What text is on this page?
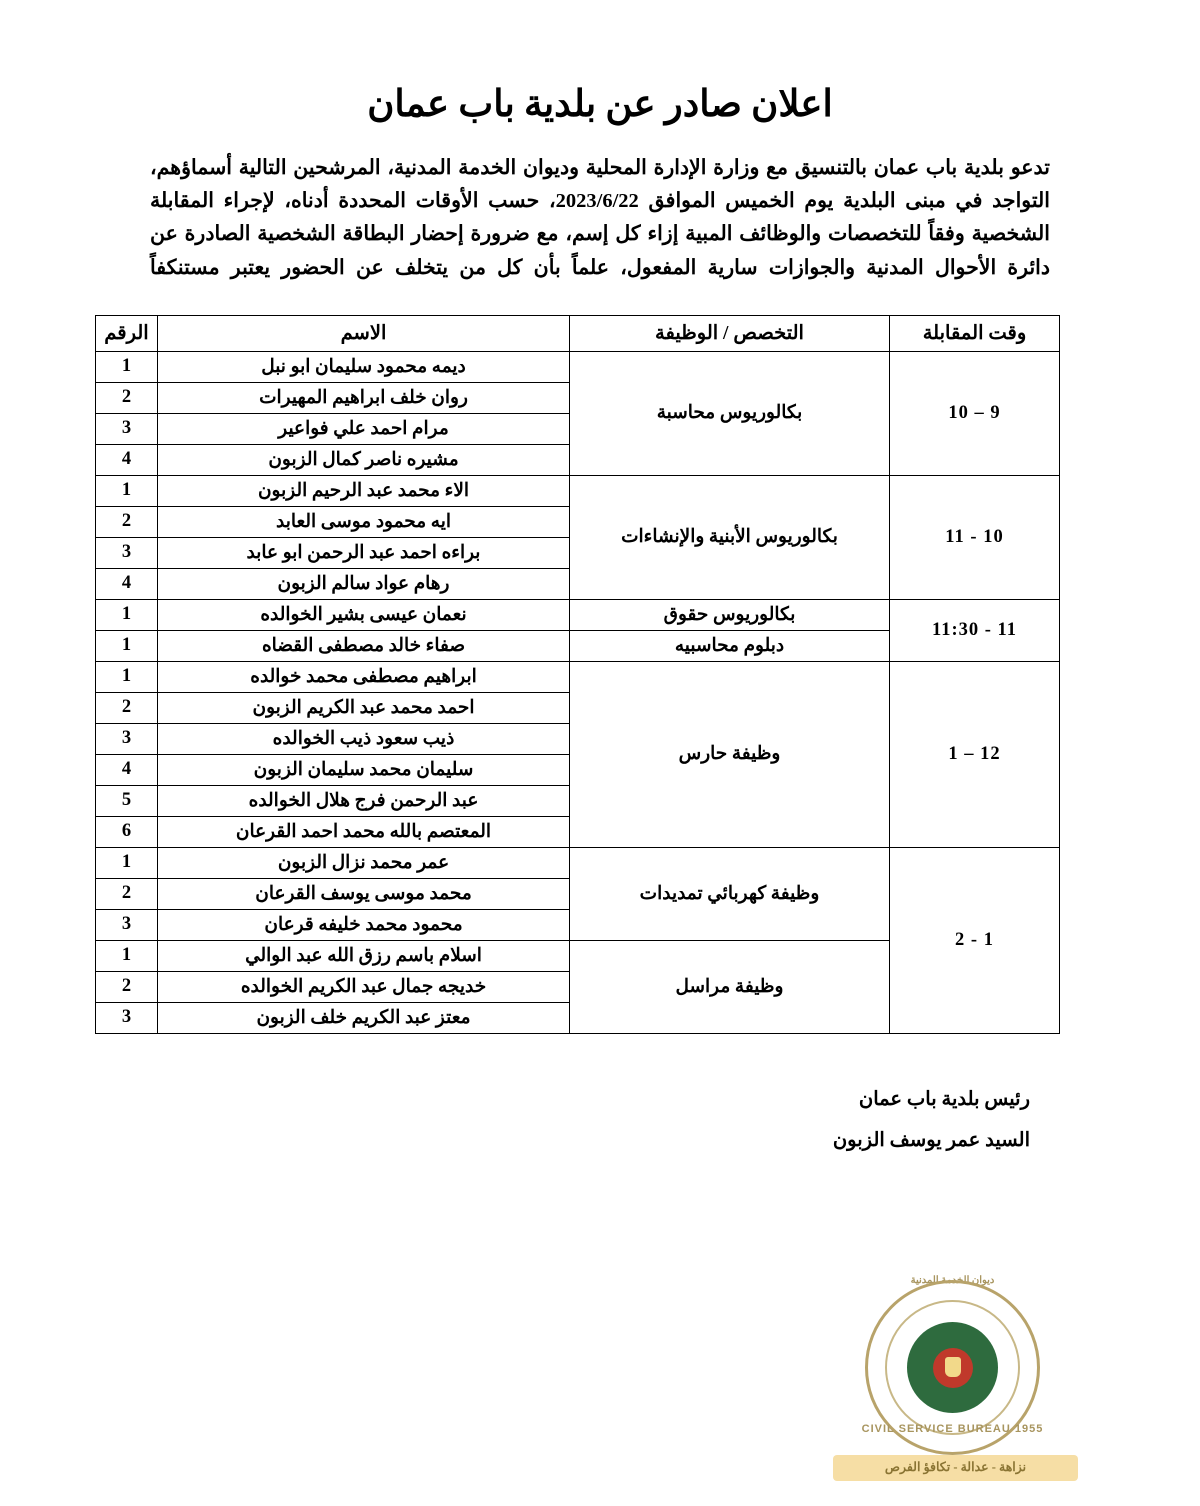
اعلان صادر عن بلدية باب عمان
تدعو بلدية باب عمان بالتنسيق مع وزارة الإدارة المحلية وديوان الخدمة المدنية، المرشحين التالية أسماؤهم، التواجد في مبنى البلدية يوم الخميس الموافق 2023/6/22، حسب الأوقات المحددة أدناه، لإجراء المقابلة الشخصية وفقاً للتخصصات والوظائف المبية إزاء كل إسم، مع ضرورة إحضار البطاقة الشخصية الصادرة عن دائرة الأحوال المدنية والجوازات سارية المفعول، علماً بأن كل من يتخلف عن الحضور يعتبر مستنكفاً
وقت المقابلة	التخصص / الوظيفة	الاسم	الرقم
9 – 10	بكالوريوس محاسبة	ديمه محمود سليمان ابو نبل	1
		روان خلف ابراهيم المهيرات	2
		مرام احمد علي فواعير	3
		مشيره ناصر كمال الزبون	4
10 - 11	بكالوريوس الأبنية والإنشاءات	الاء محمد عبد الرحيم الزبون	1
		ايه محمود موسى العابد	2
		براءه احمد عبد الرحمن ابو عابد	3
		رهام عواد سالم الزبون	4
11 - 11:30	بكالوريوس حقوق	نعمان عيسى بشير الخوالده	1
	دبلوم محاسبيه	صفاء خالد مصطفى القضاه	1
12 – 1	وظيفة حارس	ابراهيم مصطفى محمد خوالده	1
		احمد محمد عبد الكريم الزبون	2
		ذيب سعود ذيب الخوالده	3
		سليمان محمد سليمان الزبون	4
		عبد الرحمن فرج هلال الخوالده	5
		المعتصم بالله محمد احمد القرعان	6
1 - 2	وظيفة كهربائي تمديدات	عمر محمد نزال الزبون	1
		محمد موسى يوسف القرعان	2
		محمود محمد خليفه قرعان	3
	وظيفة مراسل	اسلام باسم رزق الله عبد الوالي	1
		خديجه جمال عبد الكريم الخوالده	2
		معتز عبد الكريم خلف الزبون	3
رئيس بلدية باب عمان
السيد عمر يوسف الزبون
ديوان الخدمة المدنية
CIVIL SERVICE BUREAU 1955
نزاهة - عدالة - تكافؤ الفرص
